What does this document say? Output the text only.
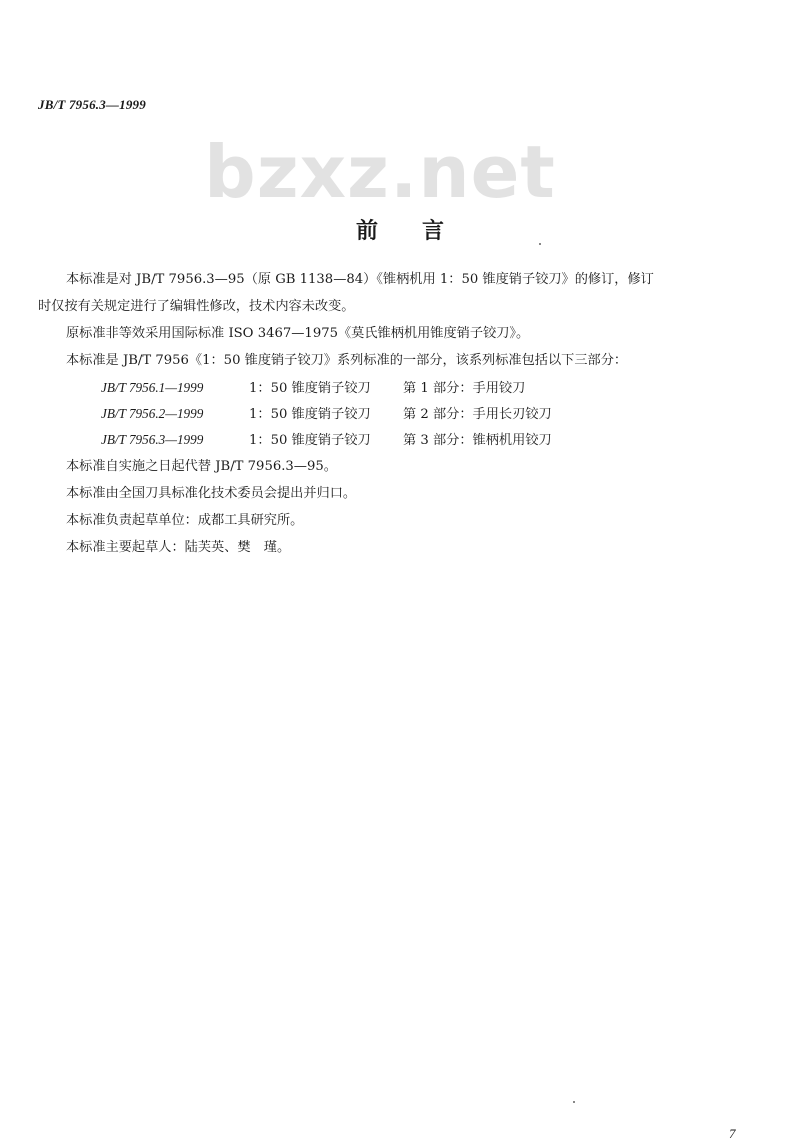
JB/T 7956.3—1999
bzxz.net
前言
本标准是对 JB/T 7956.3—95（原 GB 1138—84）《锥柄机用 1：50 锥度销子铰刀》的修订，修订
时仅按有关规定进行了编辑性修改，技术内容未改变。
原标准非等效采用国际标准 ISO 3467—1975《莫氏锥柄机用锥度销子铰刀》。
本标准是 JB/T 7956《1：50 锥度销子铰刀》系列标准的一部分，该系列标准包括以下三部分：
JB/T 7956.1—1999	1：50 锥度销子铰刀 第 1 部分：手用铰刀
JB/T 7956.2—1999	1：50 锥度销子铰刀 第 2 部分：手用长刃铰刀
JB/T 7956.3—1999	1：50 锥度销子铰刀 第 3 部分：锥柄机用铰刀
本标准自实施之日起代替 JB/T 7956.3—95。
本标准由全国刀具标准化技术委员会提出并归口。
本标准负责起草单位：成都工具研究所。
本标准主要起草人：陆芙英、樊　瑾。
7
